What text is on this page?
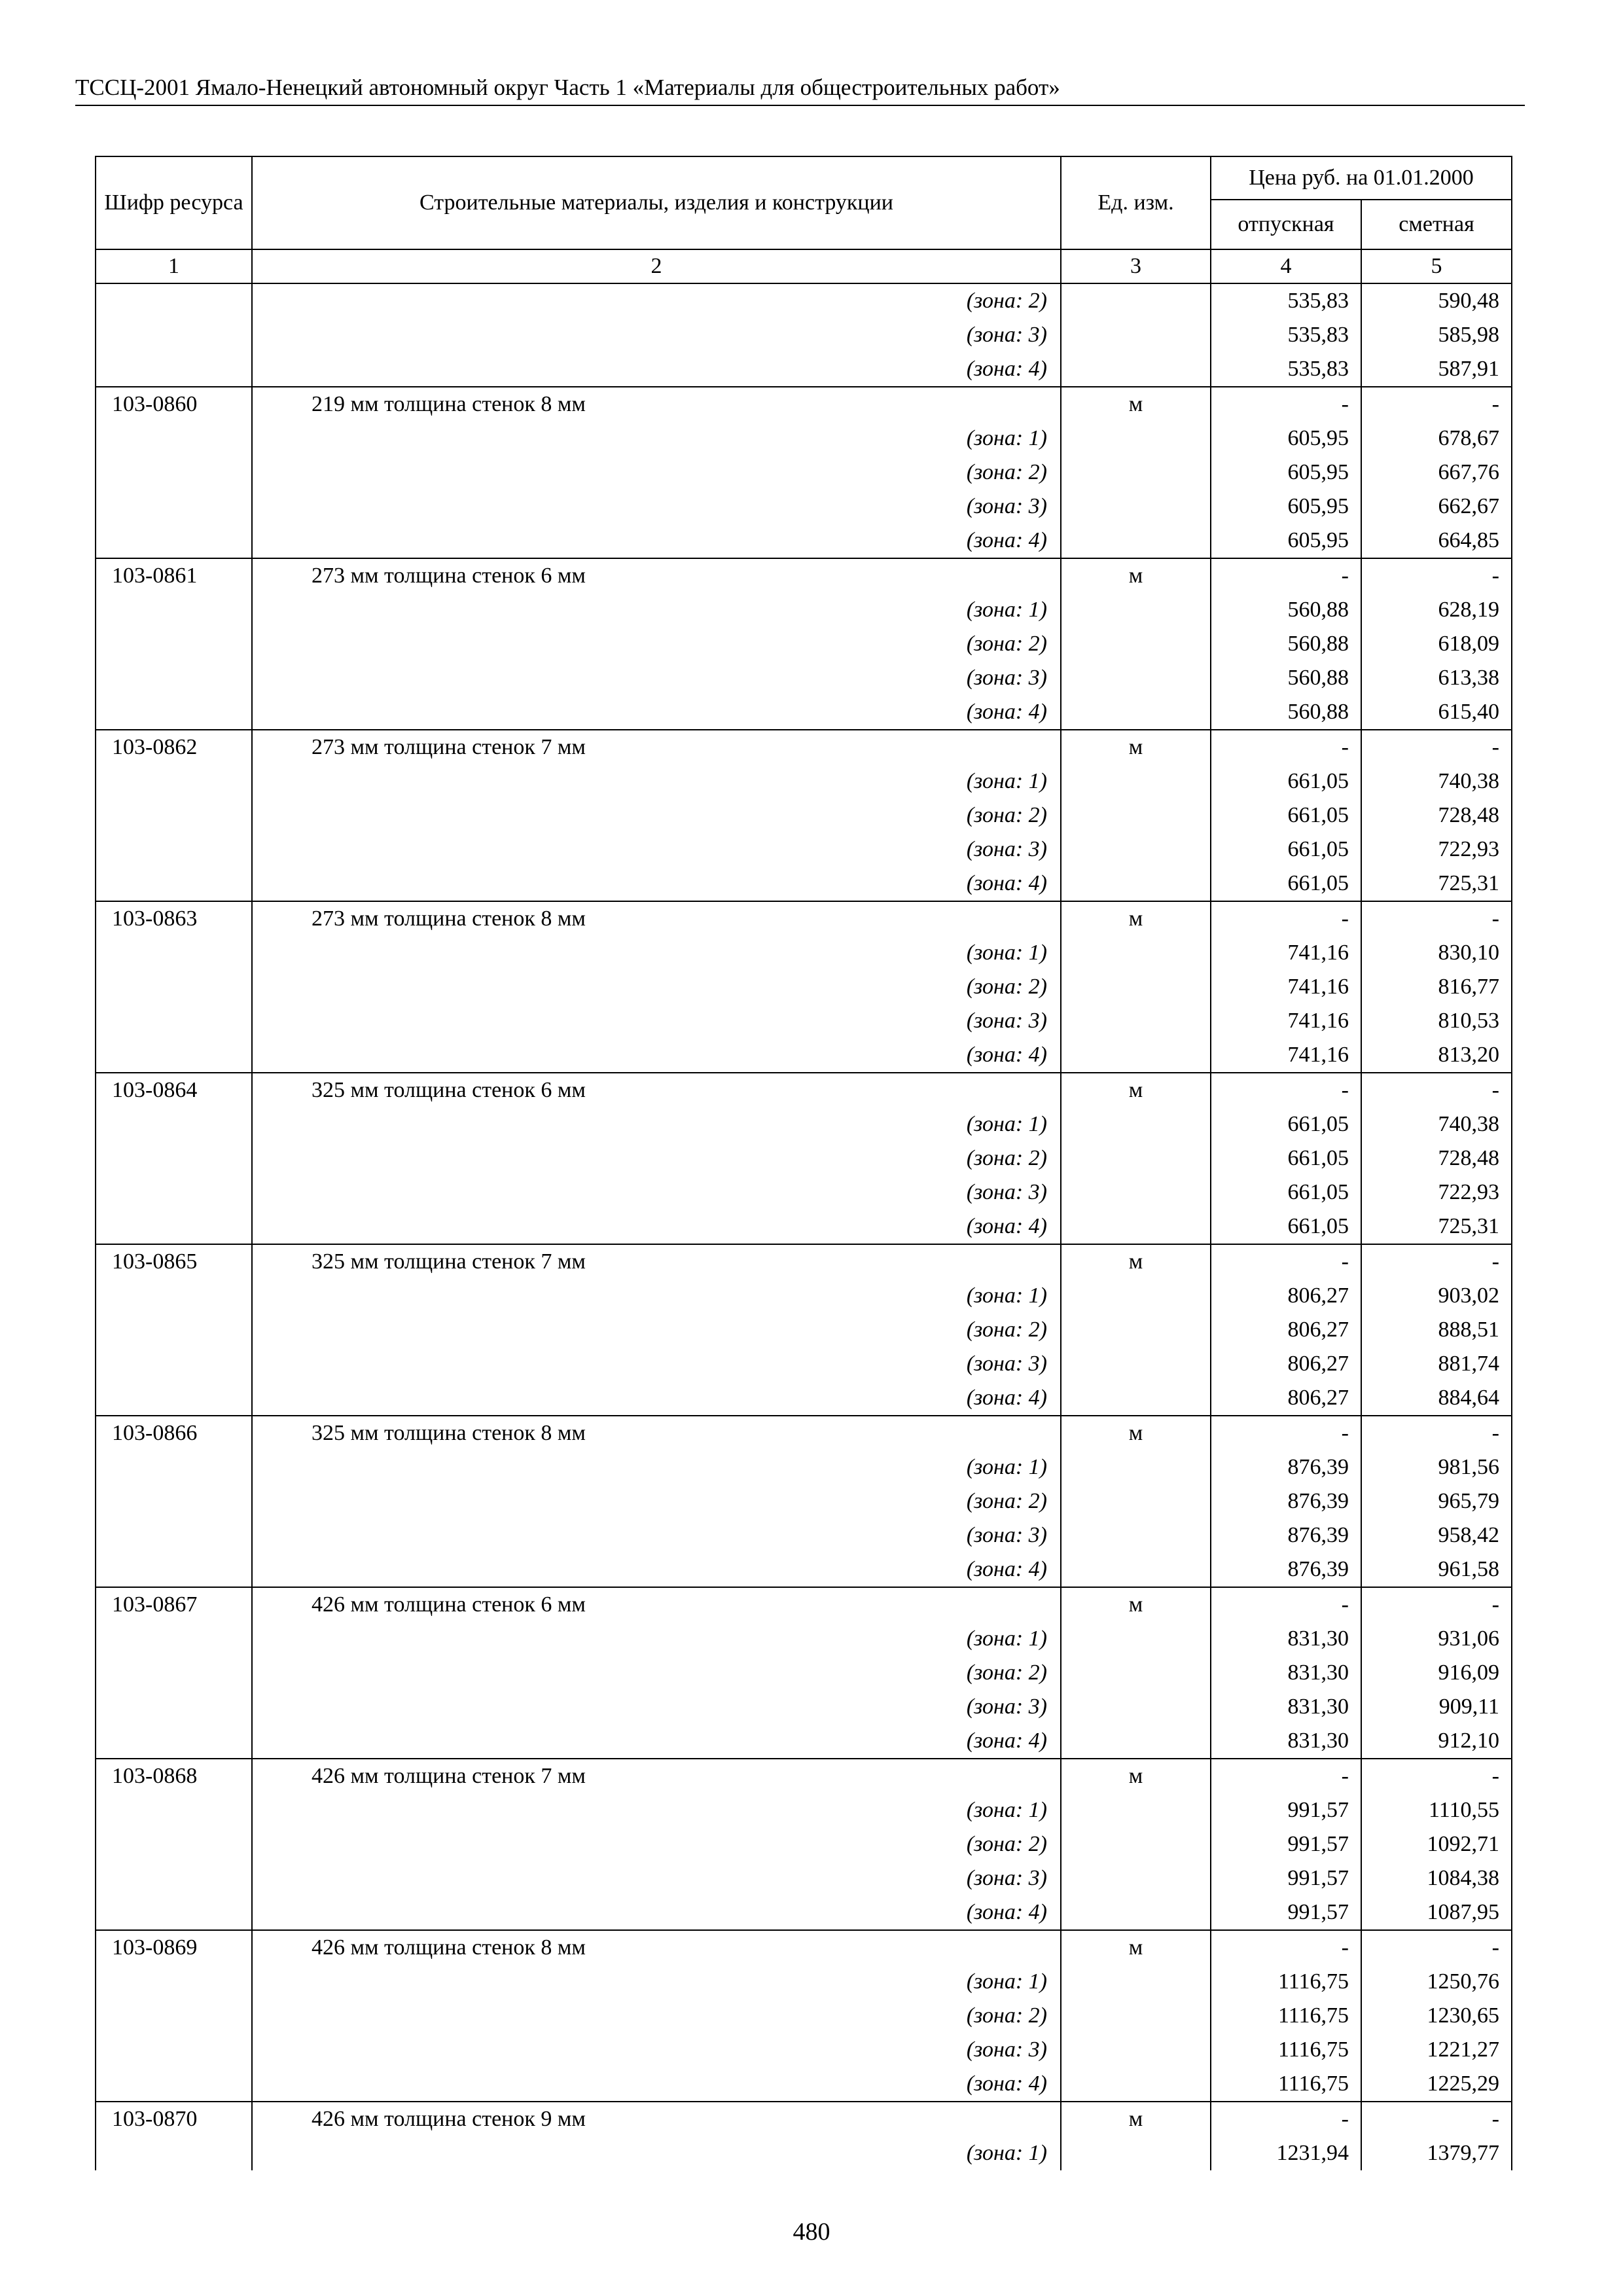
ТССЦ-2001 Ямало-Ненецкий автономный округ Часть 1 «Материалы для общестроительных работ»
Шифр ресурса	Строительные материалы, изделия и конструкции	Ед. изм.	Цена руб. на 01.01.2000	
			отпускная	сметная
1	2	3	4	5
	(зона: 2)		535,83	590,48
	(зона: 3)		535,83	585,98
	(зона: 4)		535,83	587,91
103-0860	219 мм толщина стенок 8 мм	м	-	-
	(зона: 1)		605,95	678,67
	(зона: 2)		605,95	667,76
	(зона: 3)		605,95	662,67
	(зона: 4)		605,95	664,85
103-0861	273 мм толщина стенок 6 мм	м	-	-
	(зона: 1)		560,88	628,19
	(зона: 2)		560,88	618,09
	(зона: 3)		560,88	613,38
	(зона: 4)		560,88	615,40
103-0862	273 мм толщина стенок 7 мм	м	-	-
	(зона: 1)		661,05	740,38
	(зона: 2)		661,05	728,48
	(зона: 3)		661,05	722,93
	(зона: 4)		661,05	725,31
103-0863	273 мм толщина стенок 8 мм	м	-	-
	(зона: 1)		741,16	830,10
	(зона: 2)		741,16	816,77
	(зона: 3)		741,16	810,53
	(зона: 4)		741,16	813,20
103-0864	325 мм толщина стенок 6 мм	м	-	-
	(зона: 1)		661,05	740,38
	(зона: 2)		661,05	728,48
	(зона: 3)		661,05	722,93
	(зона: 4)		661,05	725,31
103-0865	325 мм толщина стенок 7 мм	м	-	-
	(зона: 1)		806,27	903,02
	(зона: 2)		806,27	888,51
	(зона: 3)		806,27	881,74
	(зона: 4)		806,27	884,64
103-0866	325 мм толщина стенок 8 мм	м	-	-
	(зона: 1)		876,39	981,56
	(зона: 2)		876,39	965,79
	(зона: 3)		876,39	958,42
	(зона: 4)		876,39	961,58
103-0867	426 мм толщина стенок 6 мм	м	-	-
	(зона: 1)		831,30	931,06
	(зона: 2)		831,30	916,09
	(зона: 3)		831,30	909,11
	(зона: 4)		831,30	912,10
103-0868	426 мм толщина стенок 7 мм	м	-	-
	(зона: 1)		991,57	1110,55
	(зона: 2)		991,57	1092,71
	(зона: 3)		991,57	1084,38
	(зона: 4)		991,57	1087,95
103-0869	426 мм толщина стенок 8 мм	м	-	-
	(зона: 1)		1116,75	1250,76
	(зона: 2)		1116,75	1230,65
	(зона: 3)		1116,75	1221,27
	(зона: 4)		1116,75	1225,29
103-0870	426 мм толщина стенок 9 мм	м	-	-
	(зона: 1)		1231,94	1379,77
480
